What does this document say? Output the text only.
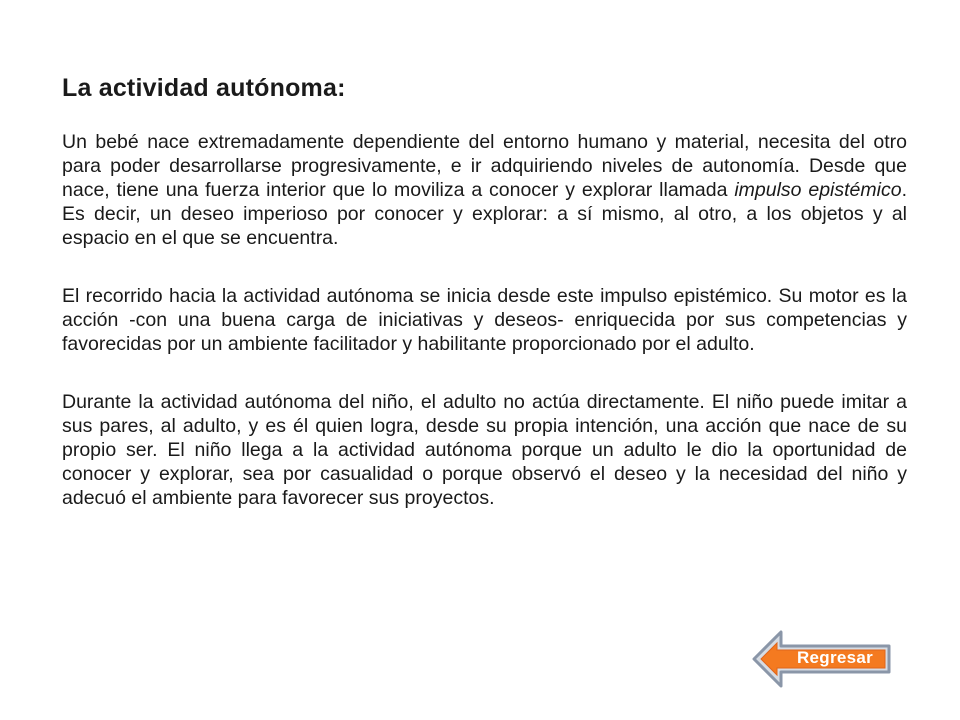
La actividad autónoma:

Un bebé nace extremadamente dependiente del entorno humano y material, necesita del otro para poder desarrollarse progresivamente, e ir adquiriendo niveles de autonomía. Desde que nace, tiene una fuerza interior que lo moviliza a conocer y explorar llamada impulso epistémico. Es decir, un deseo imperioso por conocer y explorar: a sí mismo, al otro, a los objetos y al espacio en el que se encuentra.

El recorrido hacia la actividad autónoma se inicia desde este impulso epistémico. Su motor es la acción -con una buena carga de iniciativas y deseos- enriquecida por sus competencias y favorecidas por un ambiente facilitador y habilitante proporcionado por el adulto.

Durante la actividad autónoma del niño, el adulto no actúa directamente. El niño puede imitar a sus pares, al adulto, y es él quien logra, desde su propia intención, una acción que nace de su propio ser. El niño llega a la actividad autónoma porque un adulto le dio la oportunidad de conocer y explorar, sea por casualidad o porque observó el deseo y la necesidad del niño y adecuó el ambiente para favorecer sus proyectos.

Regresar
